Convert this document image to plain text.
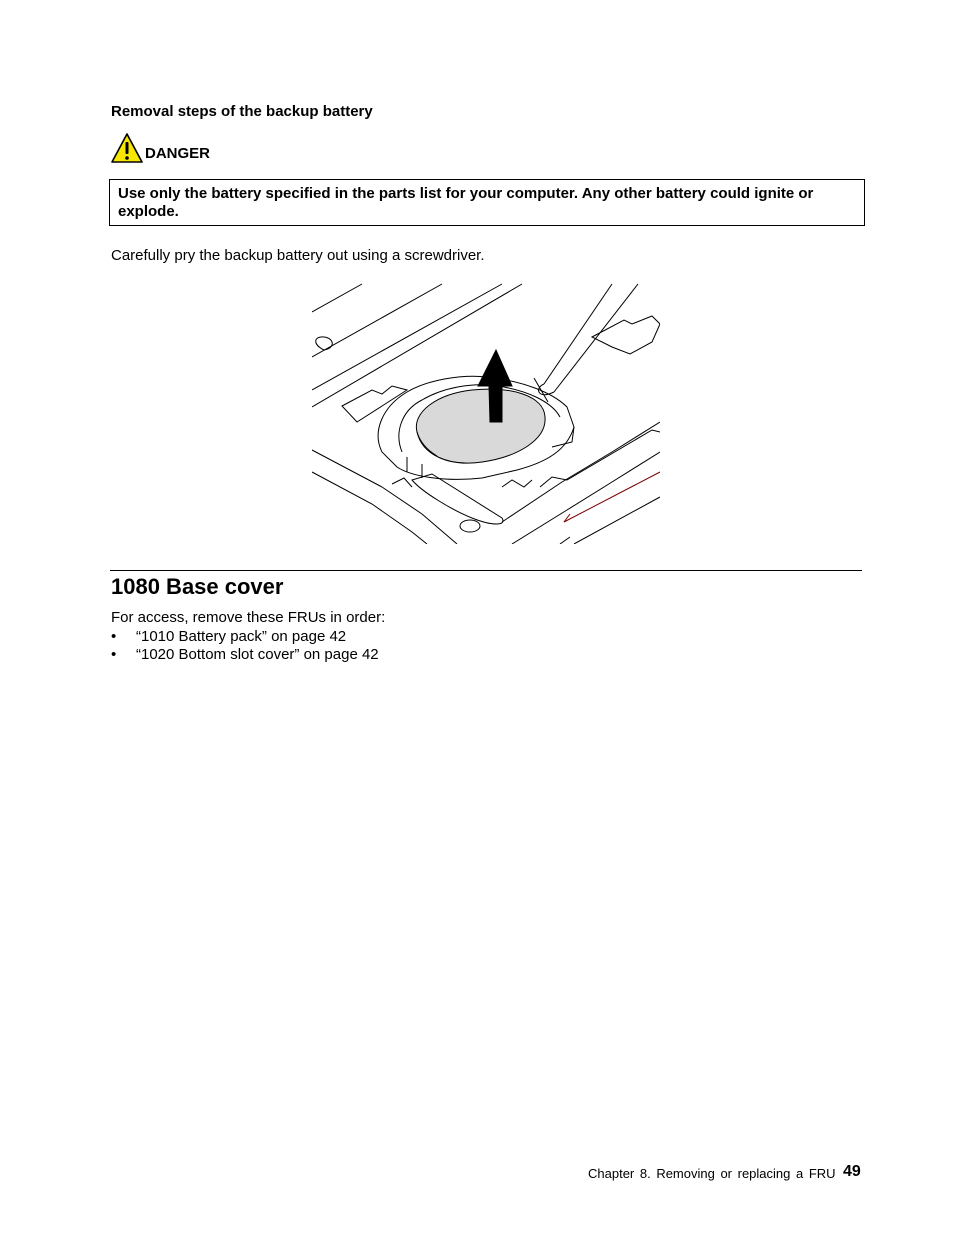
Removal steps of the backup battery
DANGER
Use only the battery specified in the parts list for your computer. Any other battery could ignite or explode.
Carefully pry the backup battery out using a screwdriver.
1080 Base cover
For access, remove these FRUs in order:
•	“1010 Battery pack” on page 42
•	“1020 Bottom slot cover” on page 42
Chapter 8. Removing or replacing a FRU 49
